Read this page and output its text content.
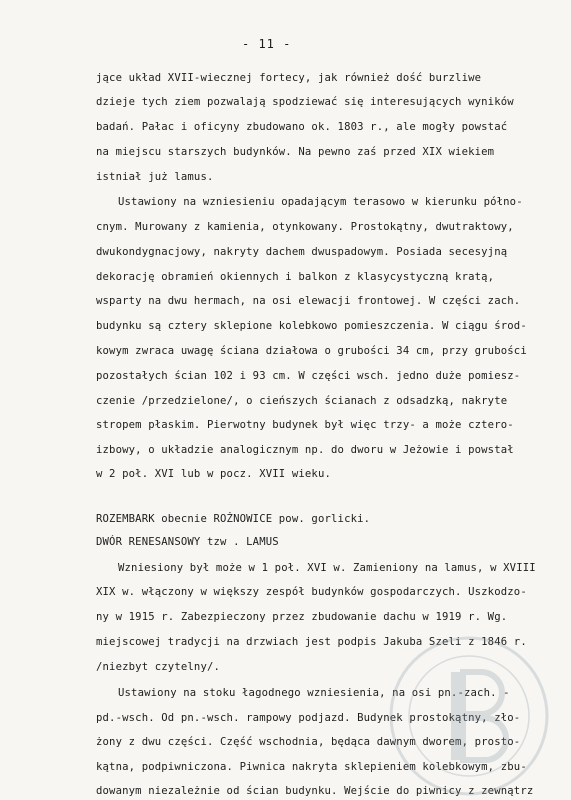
- 11 -
jące układ XVII-wiecznej fortecy, jak również dość burzliwe
dzieje tych ziem pozwalają spodziewać się interesujących wyników
badań. Pałac i oficyny zbudowano ok. 1803 r., ale mogły powstać
na miejscu starszych budynków. Na pewno zaś przed XIX wiekiem
istniał już lamus.
Ustawiony na wzniesieniu opadającym terasowo w kierunku półno-
cnym. Murowany z kamienia, otynkowany. Prostokątny, dwutraktowy,
dwukondygnacjowy, nakryty dachem dwuspadowym. Posiada secesyjną
dekorację obramień okiennych i balkon z klasycystyczną kratą,
wsparty na dwu hermach, na osi elewacji frontowej. W części zach.
budynku są cztery sklepione kolebkowo pomieszczenia. W ciągu środ-
kowym zwraca uwagę ściana działowa o grubości 34 cm, przy grubości
pozostałych ścian 102 i 93 cm. W części wsch. jedno duże pomiesz-
czenie /przedzielone/, o cieńszych ścianach z odsadzką, nakryte
stropem płaskim. Pierwotny budynek był więc trzy- a może cztero-
izbowy, o układzie analogicznym np. do dworu w Jeżowie i powstał
w 2 poł. XVI lub w pocz. XVII wieku.
ROZEMBARK obecnie ROŻNOWICE pow. gorlicki.
DWÓR RENESANSOWY tzw . LAMUS
Wzniesiony był może w 1 poł. XVI w. Zamieniony na lamus, w XVIII
XIX w. włączony w większy zespół budynków gospodarczych. Uszkodzo-
ny w 1915 r. Zabezpieczony przez zbudowanie dachu w 1919 r. Wg.
miejscowej tradycji na drzwiach jest podpis Jakuba Szeli z 1846 r.
/niezbyt czytelny/.
Ustawiony na stoku łagodnego wzniesienia, na osi pn.-zach. -
pd.-wsch. Od pn.-wsch. rampowy podjazd. Budynek prostokątny, zło-
żony z dwu części. Część wschodnia, będąca dawnym dworem, prosto-
kątna, podpiwniczona. Piwnica nakryta sklepieniem kolebkowym, zbu-
dowanym niezależnie od ścian budynku. Wejście do piwnicy z zewnątrz
